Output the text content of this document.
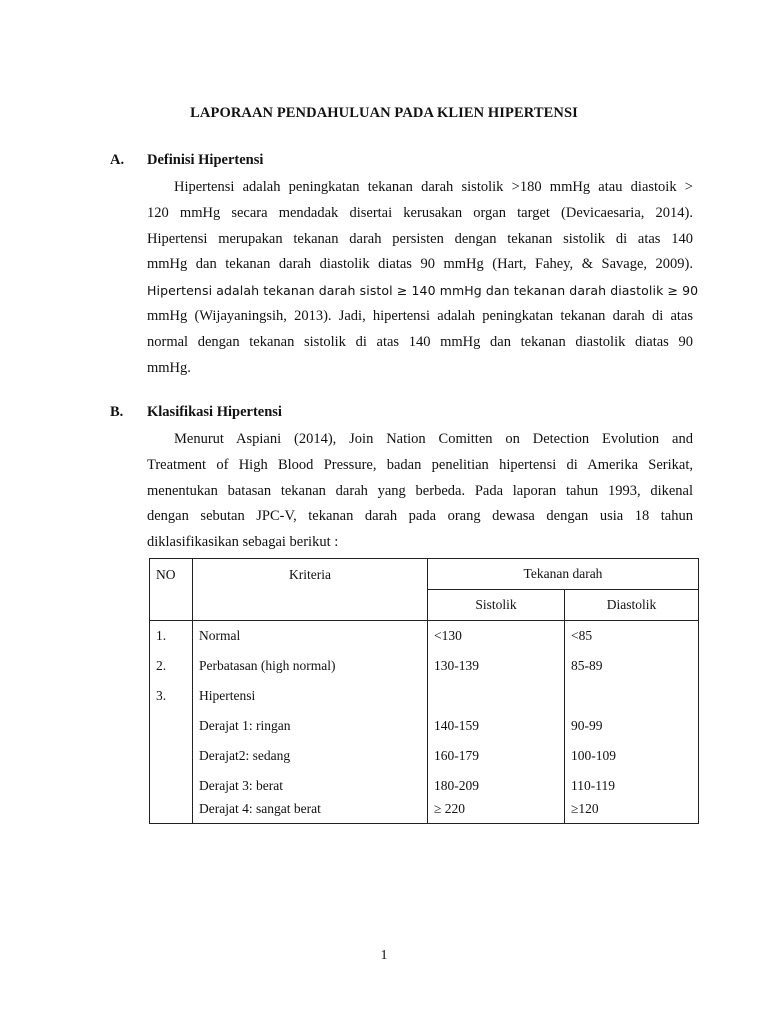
LAPORAAN PENDAHULUAN PADA KLIEN HIPERTENSI
A. Definisi Hipertensi
Hipertensi adalah peningkatan tekanan darah sistolik >180 mmHg atau diastoik >
120 mmHg secara mendadak disertai kerusakan organ target (Devicaesaria, 2014).
Hipertensi merupakan tekanan darah persisten dengan tekanan sistolik di atas 140
mmHg dan tekanan darah diastolik diatas 90 mmHg (Hart, Fahey, & Savage, 2009).
Hipertensi adalah tekanan darah sistol ≥ 140 mmHg dan tekanan darah diastolik ≥ 90
mmHg (Wijayaningsih, 2013). Jadi, hipertensi adalah peningkatan tekanan darah di atas
normal dengan tekanan sistolik di atas 140 mmHg dan tekanan diastolik diatas 90
mmHg.
B. Klasifikasi Hipertensi
Menurut Aspiani (2014), Join Nation Comitten on Detection Evolution and
Treatment of High Blood Pressure, badan penelitian hipertensi di Amerika Serikat,
menentukan batasan tekanan darah yang berbeda. Pada laporan tahun 1993, dikenal
dengan sebutan JPC-V, tekanan darah pada orang dewasa dengan usia 18 tahun
diklasifikasikan sebagai berikut :
NO	Kriteria	Tekanan darah	
		Sistolik	Diastolik
1.	Normal	<130	<85
2.	Perbatasan (high normal)	130-139	85-89
3.	Hipertensi		
	Derajat 1: ringan	140-159	90-99
	Derajat2: sedang	160-179	100-109
	Derajat 3: berat	180-209	110-119
	Derajat 4: sangat berat	≥ 220	≥120
1
